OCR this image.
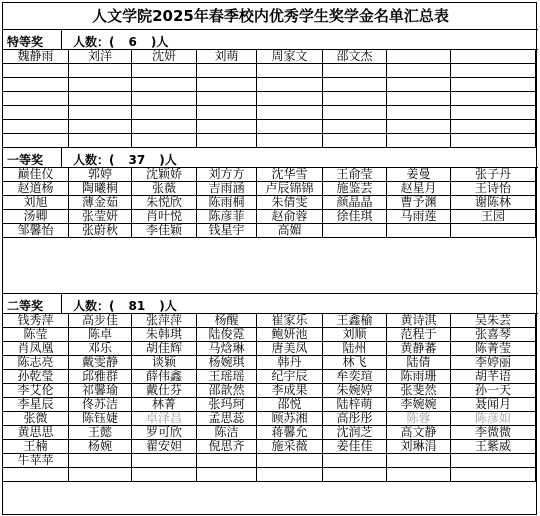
人文学院2025年春季校内优秀学生奖学金名单汇总表
特等奖 人数：( 6 )人
魏静雨	刘洋	沈妍	刘萌	周家文	邵文杰
一等奖 人数：( 37 )人
巅佳仪	郭婷	沈颖娇	刘方方	沈华雪	王俞莹	姜曼	张子丹
赵道杨	陶曦桐	张薇	吉雨涵	卢辰锦锦	施鉴芸	赵星月	王诗怡
刘旭	薄金茹	朱悦欣	陈雨桐	朱倩雯	颜晶晶	曹予渊	谢陈林
汤卿	张莹妍	肖叶悦	陈彦菲	赵俞蓉	徐佳琪	马雨莲	王园
邹馨怡	张蔚秋	李佳颖	钱星宇	高媚
二等奖 人数：( 81 )人
钱秀萍	高步佳	张萍萍	杨醒	崔家乐	王鑫榆	黄诗淇	吴朱芸
陈莹	陈卓	朱韩琪	陆俊霓	鲍妍池	刘顺	范程于	张喜琴
肖凤凰	邓乐	胡佳辉	马焓琳	唐美凤	陆州	黄静蕃	陈菁莹
陈志亮	戴雯静	谈颖	杨婉琪	韩丹	林飞	陆倩	李婷丽
孙乾瑩	邱雅群	薛伟鑫	王瑶瑶	纪宇辰	牟奕瑄	陈雨珊	胡芊语
李艾伦	祁馨瑜	戴仕芬	邵歆然	李成果	朱婉婷	张斐然	孙一天
李星辰	佟苏洁	林菁	张玛珂	邵悦	陆梓萌	李婉婉	聂闻月
张微	陈钰婕	卓泽昌	孟思蕊	顾苏湘	高彤彤	陈蓉	陈彦如
黄思思	王懿	罗可欣	陈洁	蒋馨允	沈润芝	高文静	李微微
王楠	杨婉	翟安妲	倪思齐	施采薇	姜佳佳	刘琳涓	王紫威
牛苹苹
